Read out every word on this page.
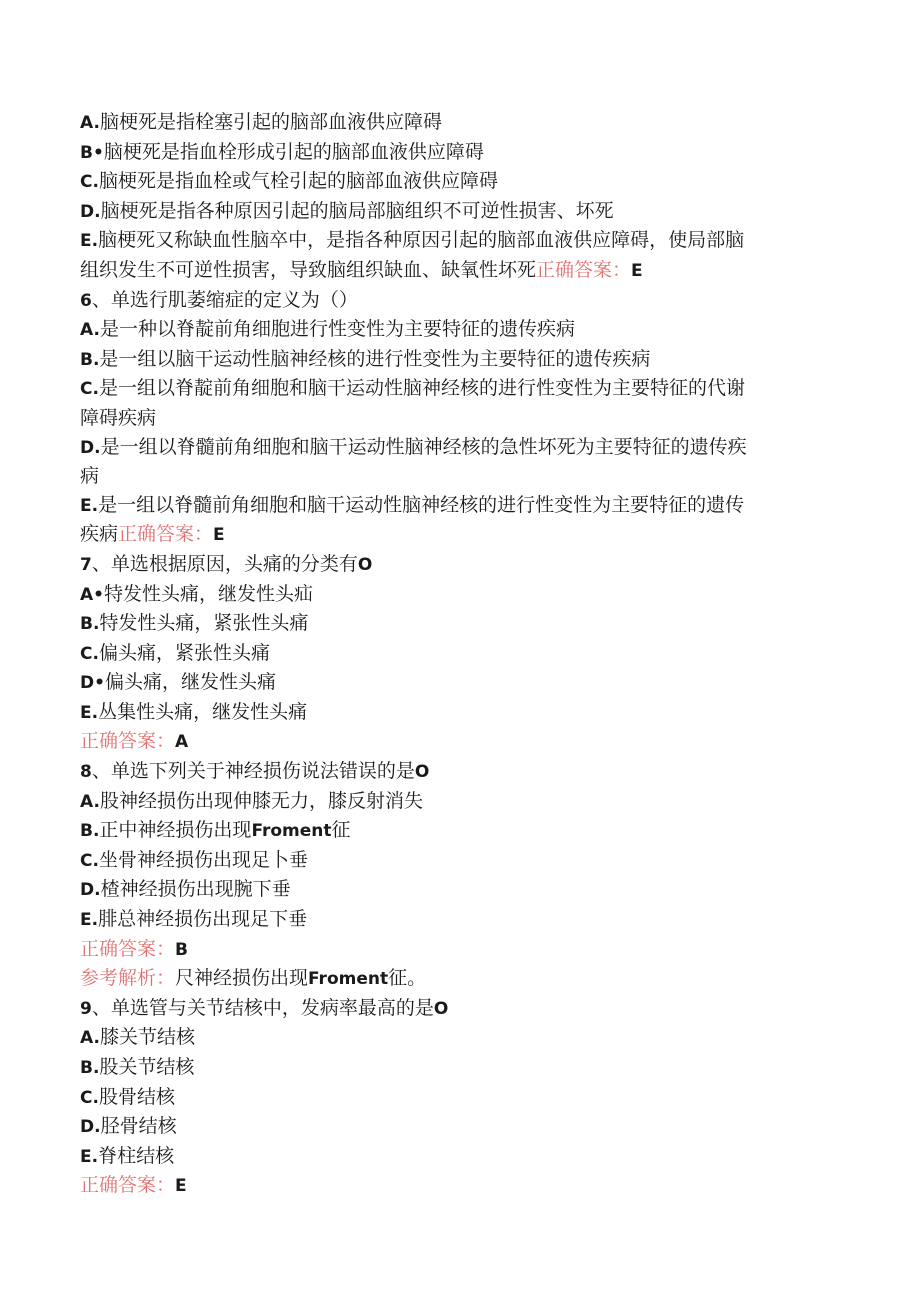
A.脑梗死是指栓塞引起的脑部血液供应障碍

B•脑梗死是指血栓形成引起的脑部血液供应障碍

C.脑梗死是指血栓或气栓引起的脑部血液供应障碍

D.脑梗死是指各种原因引起的脑局部脑组织不可逆性损害、坏死

E.脑梗死又称缺血性脑卒中，是指各种原因引起的脑部血液供应障碍，使局部脑

组织发生不可逆性损害，导致脑组织缺血、缺氧性坏死正确答案：E

6、单选行肌萎缩症的定义为（）

A.是一种以脊靛前角细胞进行性变性为主要特征的遗传疾病

B.是一组以脑干运动性脑神经核的进行性变性为主要特征的遗传疾病

C.是一组以脊靛前角细胞和脑干运动性脑神经核的进行性变性为主要特征的代谢

障碍疾病

D.是一组以脊髓前角细胞和脑干运动性脑神经核的急性坏死为主要特征的遗传疾

病

E.是一组以脊髓前角细胞和脑干运动性脑神经核的进行性变性为主要特征的遗传

疾病正确答案：E

7、单选根据原因，头痛的分类有O

A•特发性头痛，继发性头疝

B.特发性头痛，紧张性头痛

C.偏头痛，紧张性头痛

D•偏头痛，继发性头痛

E.丛集性头痛，继发性头痛

正确答案：A

8、单选下列关于神经损伤说法错误的是O

A.股神经损伤出现伸膝无力，膝反射消失

B.正中神经损伤出现Froment征

C.坐骨神经损伤出现足卜垂

D.楂神经损伤出现腕下垂

E.腓总神经损伤出现足下垂

正确答案：B

参考解析：尺神经损伤出现Froment征。

9、单选管与关节结核中，发病率最高的是O

A.膝关节结核

B.股关节结核

C.股骨结核

D.胫骨结核

E.脊柱结核

正确答案：E
